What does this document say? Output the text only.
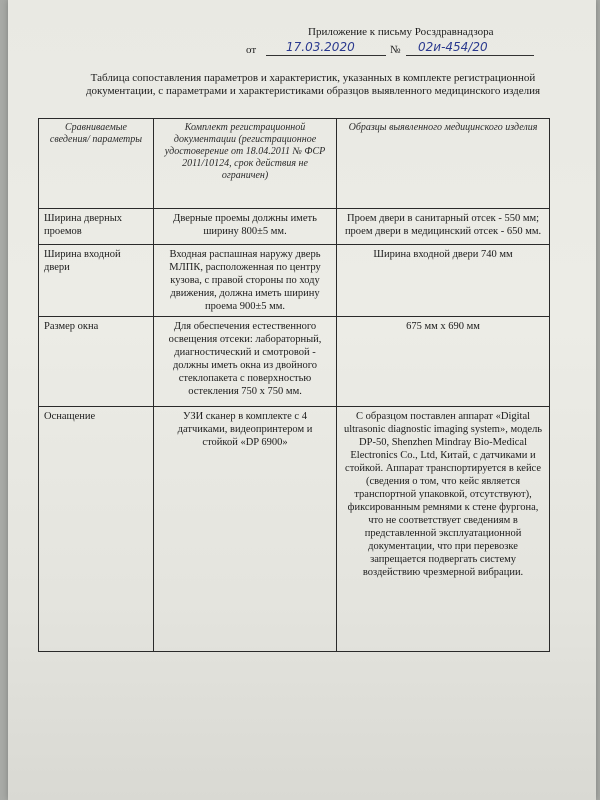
Приложение к письму Росздравнадзора
от 17.03.2020	№ 02и-454/20
Таблица сопоставления параметров и характеристик, указанных в комплекте регистрационной документации, с параметрами и характеристиками образцов выявленного медицинского изделия
Сравниваемые сведения/ параметры	Комплект регистрационной документации (регистрационное удостоверение от 18.04.2011 № ФСР 2011/10124, срок действия не ограничен)	Образцы выявленного медицинского изделия
Ширина дверных проемов	Дверные проемы должны иметь ширину 800±5 мм.	Проем двери в санитарный отсек - 550 мм; проем двери в медицинский отсек - 650 мм.
Ширина входной двери	Входная распашная наружу дверь МЛПК, расположенная по центру кузова, с правой стороны по ходу движения, должна иметь ширину проема 900±5 мм.	Ширина входной двери 740 мм
Размер окна	Для обеспечения естественного освещения отсеки: лабораторный, диагностический и смотровой - должны иметь окна из двойного стеклопакета с поверхностью остекления 750 х 750 мм.	675 мм х 690 мм
Оснащение	УЗИ сканер в комплекте с 4 датчиками, видеопринтером и стойкой «DP 6900»	С образцом поставлен аппарат «Digital ultrasonic diagnostic imaging system», модель DP-50, Shenzhen Mindray Bio-Medical Electronics Co., Ltd, Китай, с датчиками и стойкой. Аппарат транспортируется в кейсе (сведения о том, что кейс является транспортной упаковкой, отсутствуют), фиксированным ремнями к стене фургона, что не соответствует сведениям в представленной эксплуатационной документации, что при перевозке запрещается подвергать систему воздействию чрезмерной вибрации.
